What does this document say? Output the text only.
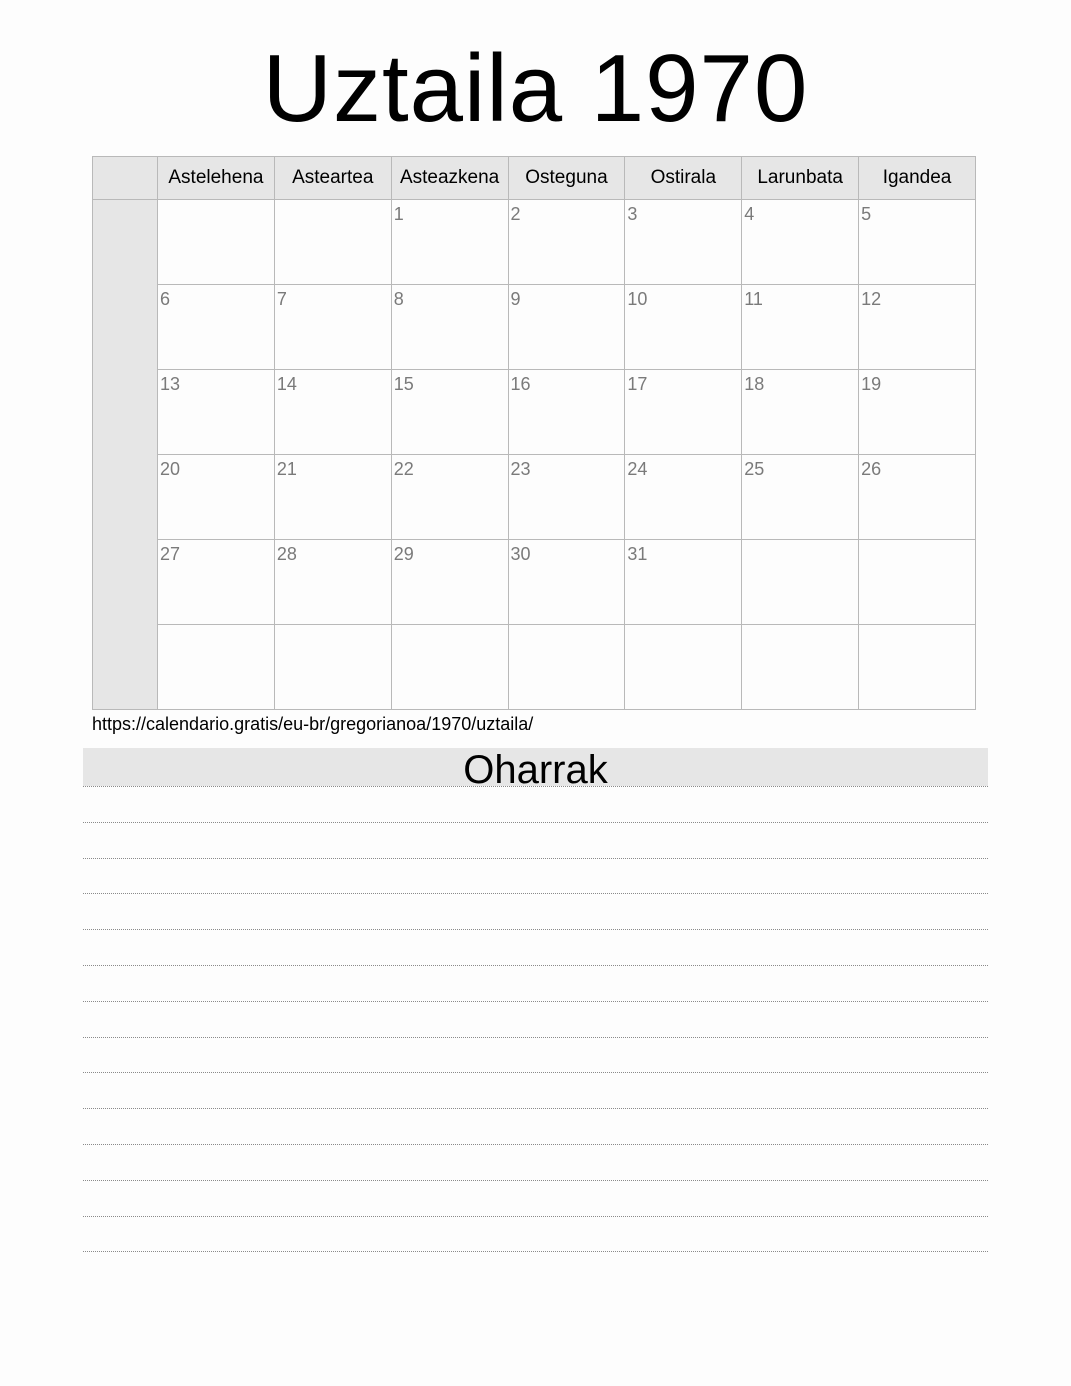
Uztaila 1970
	Astelehena	Asteartea	Asteazkena	Osteguna	Ostirala	Larunbata	Igandea

			1	2	3	4	5

	6	7	8	9	10	11	12

	13	14	15	16	17	18	19

	20	21	22	23	24	25	26

	27	28	29	30	31		

https://calendario.gratis/eu-br/gregorianoa/1970/uztaila/
Oharrak
